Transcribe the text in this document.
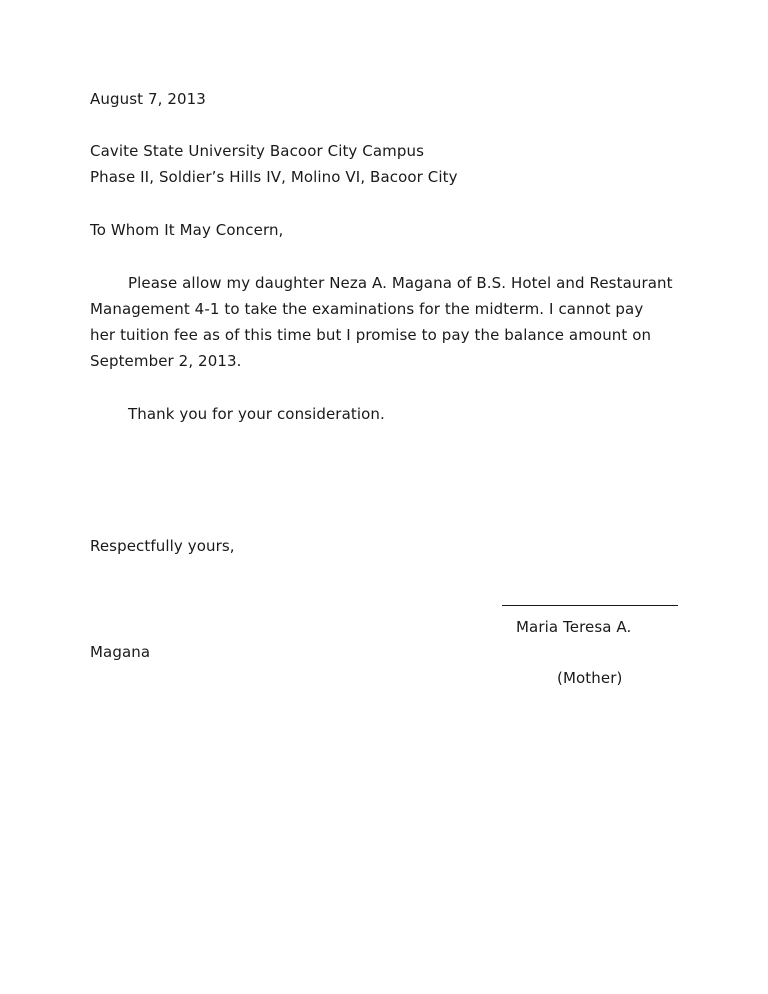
August 7, 2013
Cavite State University Bacoor City Campus
Phase II, Soldier’s Hills IV, Molino VI, Bacoor City
To Whom It May Concern,
Please allow my daughter Neza A. Magana of B.S. Hotel and Restaurant
Management 4-1 to take the examinations for the midterm. I cannot pay
her tuition fee as of this time but I promise to pay the balance amount on
September 2, 2013.
Thank you for your consideration.
Respectfully yours,
Maria Teresa A.
Magana
(Mother)
